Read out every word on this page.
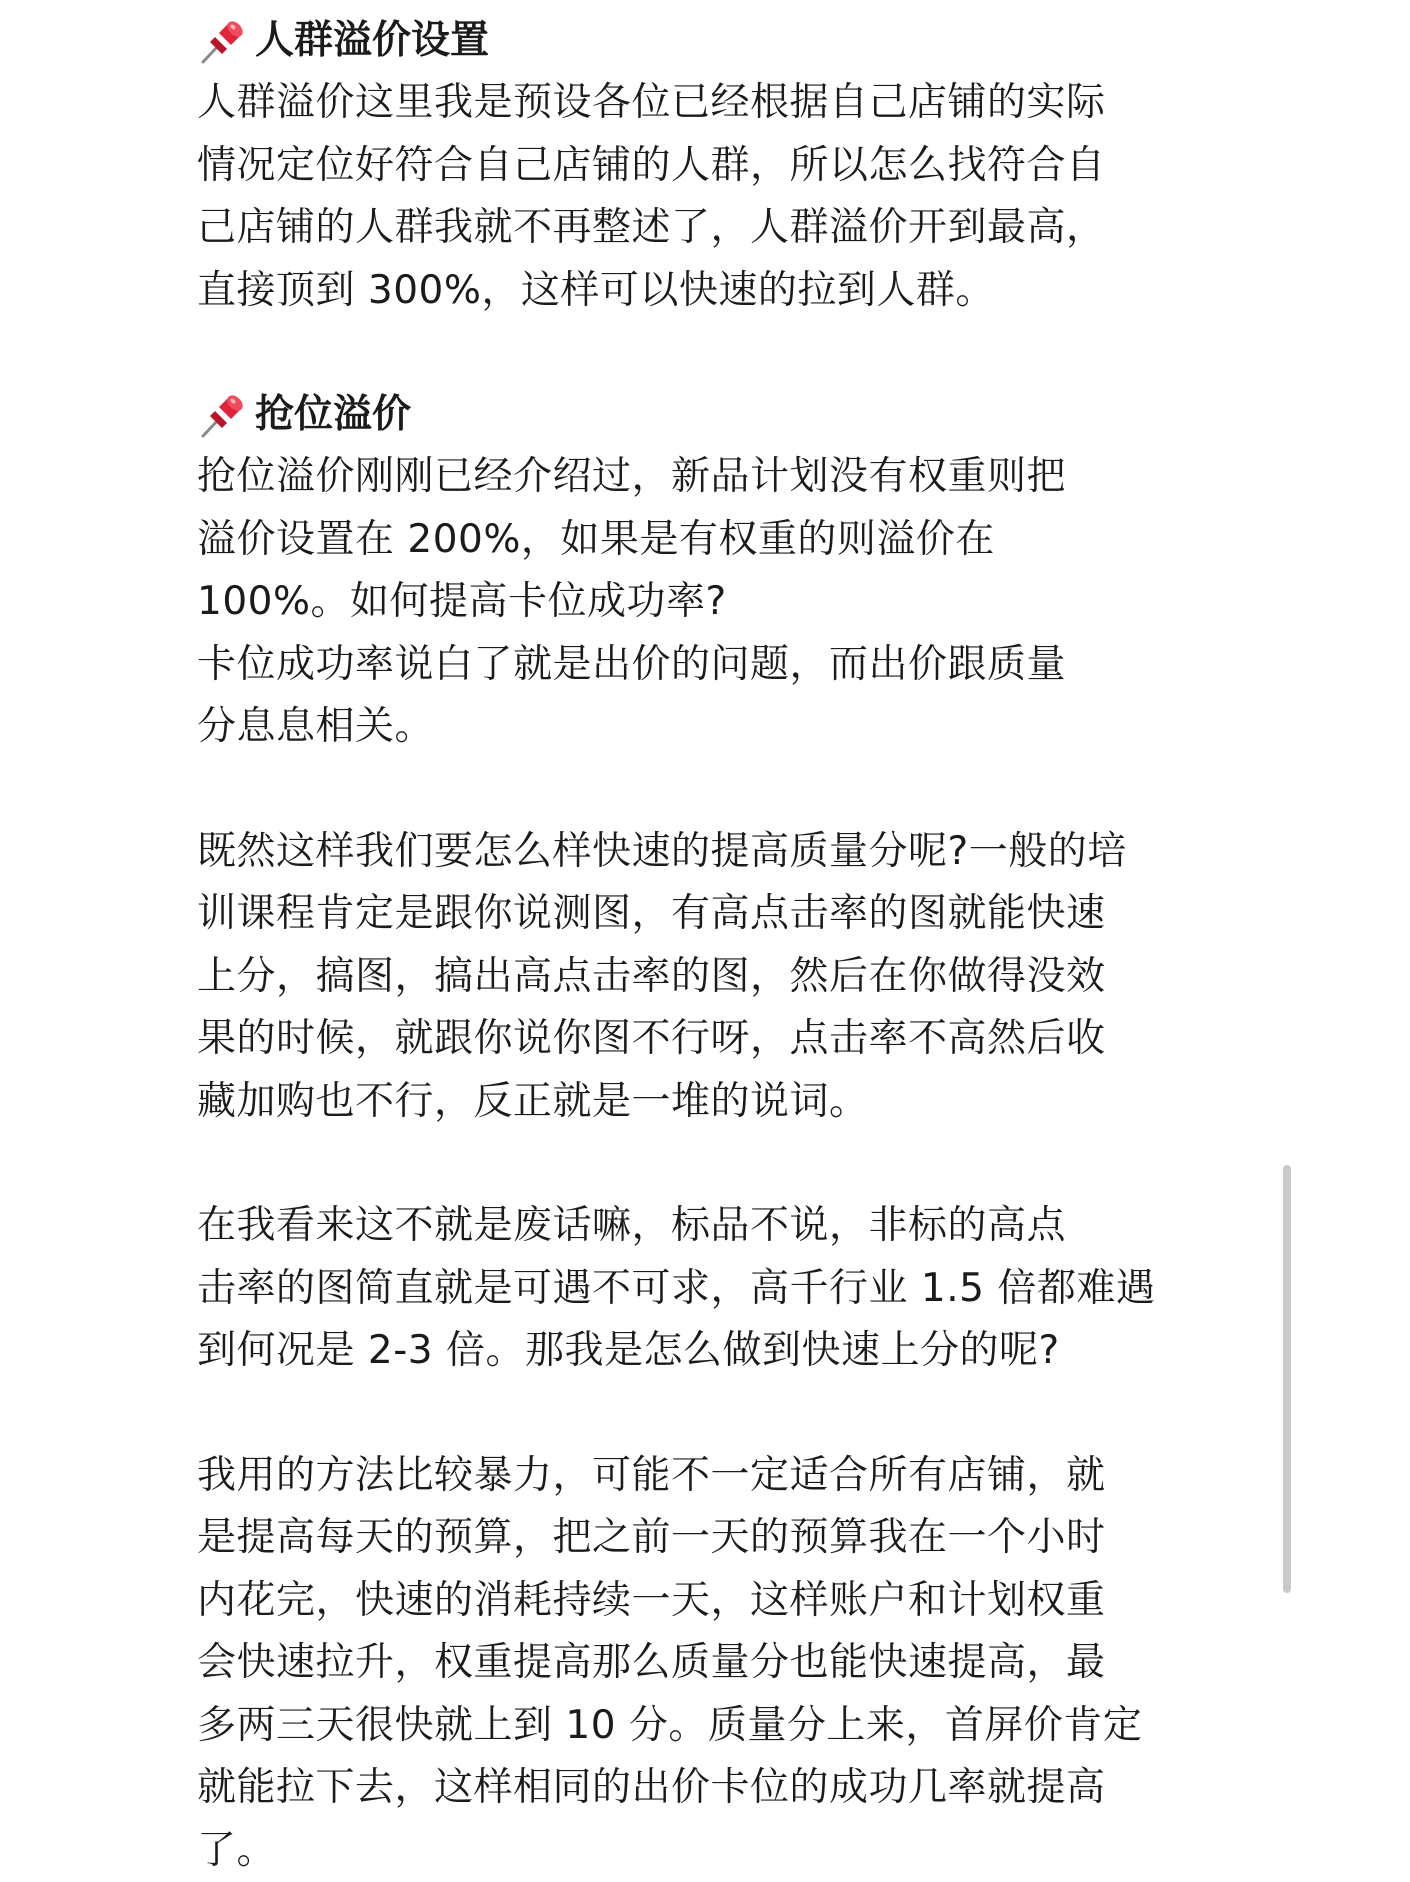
人群溢价设置

人群溢价这里我是预设各位已经根据自己店铺的实际
情况定位好符合自己店铺的人群，所以怎么找符合自
己店铺的人群我就不再整述了，人群溢价开到最高，
直接顶到 300%，这样可以快速的拉到人群。

抢位溢价

抢位溢价刚刚已经介绍过，新品计划没有权重则把
溢价设置在 200%，如果是有权重的则溢价在
100%。如何提高卡位成功率?
卡位成功率说白了就是出价的问题，而出价跟质量
分息息相关。

既然这样我们要怎么样快速的提高质量分呢?一般的培
训课程肯定是跟你说测图，有高点击率的图就能快速
上分，搞图，搞出高点击率的图，然后在你做得没效
果的时候，就跟你说你图不行呀，点击率不高然后收
藏加购也不行，反正就是一堆的说词。

在我看来这不就是废话嘛，标品不说，非标的高点
击率的图简直就是可遇不可求，高千行业 1.5 倍都难遇
到何况是 2-3 倍。那我是怎么做到快速上分的呢?

我用的方法比较暴力，可能不一定适合所有店铺，就
是提高每天的预算，把之前一天的预算我在一个小时
内花完，快速的消耗持续一天，这样账户和计划权重
会快速拉升，权重提高那么质量分也能快速提高，最
多两三天很快就上到 10 分。质量分上来，首屏价肯定
就能拉下去，这样相同的出价卡位的成功几率就提高
了。
